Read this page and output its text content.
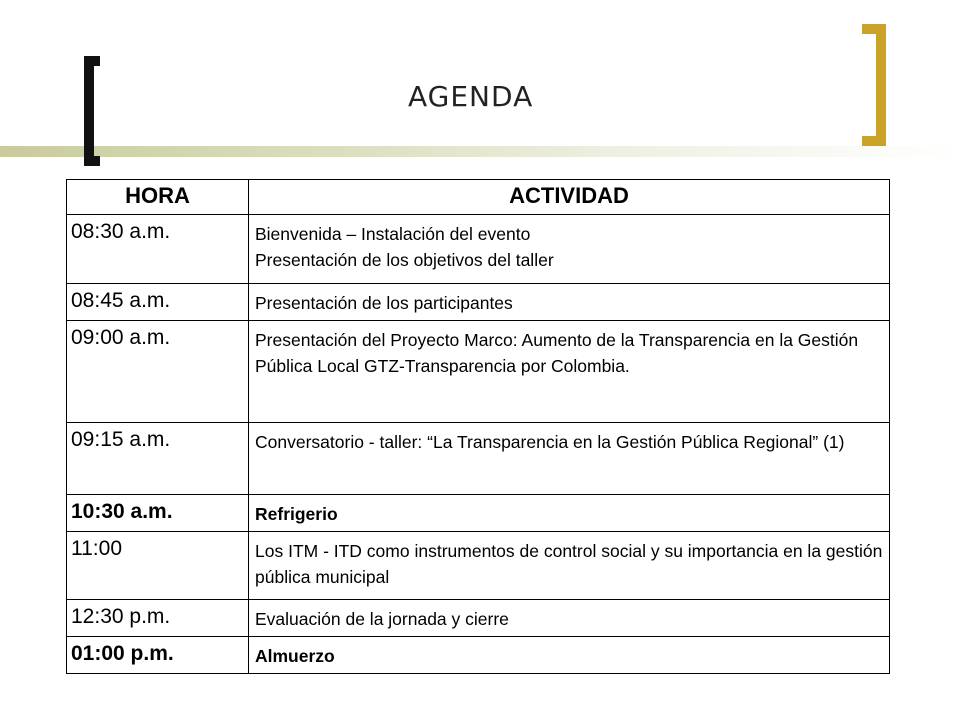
AGENDA
HORA	ACTIVIDAD
08:30 a.m.	Bienvenida – Instalación del evento
Presentación de los objetivos del taller

08:45 a.m.	Presentación de los participantes
09:00 a.m.	Presentación del Proyecto Marco: Aumento de la Transparencia en la Gestión Pública Local GTZ-Transparencia por Colombia.
09:15 a.m.	Conversatorio - taller: “La Transparencia en la Gestión Pública Regional” (1)
10:30 a.m.	Refrigerio
11:00	Los ITM - ITD como instrumentos de control social y su importancia en la gestión pública municipal
12:30 p.m.	Evaluación de la jornada y cierre
01:00 p.m.	Almuerzo
